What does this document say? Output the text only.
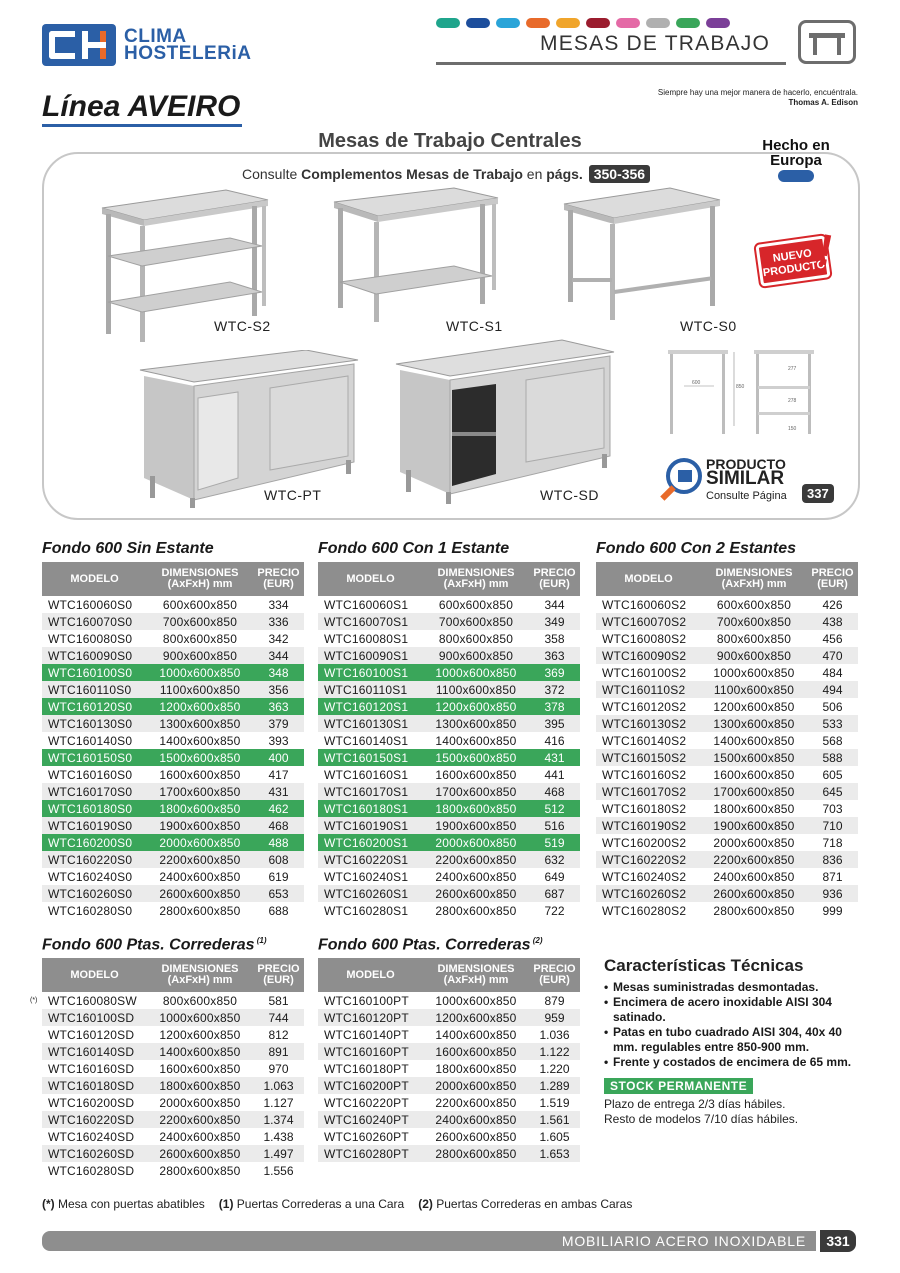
CLIMA
HOSTELERiA	MESAS DE TRABAJO
Línea AVEIRO	Siempre hay una mejor manera de hacerlo, encuéntrala.
Thomas A. Edison
Mesas de Trabajo Centrales
Consulte Complementos Mesas de Trabajo en págs. 350-356
Hecho en Europa
NUEVO PRODUCTO
!
WTC-S2	WTC-S1	WTC-S0
WTC-PT	WTC-SD
600
850
277
278
150
PRODUCTO
SIMILAR
Consulte Página	337
Fondo 600 Sin Estante
MODELO	DIMENSIONES
(AxFxH) mm
PRECIO
(EUR)
WTC160060S0	600x600x850	334
WTC160070S0	700x600x850	336
WTC160080S0	800x600x850	342
WTC160090S0	900x600x850	344
WTC160100S0	1000x600x850	348
WTC160110S0	1100x600x850	356
WTC160120S0	1200x600x850	363
WTC160130S0	1300x600x850	379
WTC160140S0	1400x600x850	393
WTC160150S0	1500x600x850	400
WTC160160S0	1600x600x850	417
WTC160170S0	1700x600x850	431
WTC160180S0	1800x600x850	462
WTC160190S0	1900x600x850	468
WTC160200S0	2000x600x850	488
WTC160220S0	2200x600x850	608
WTC160240S0	2400x600x850	619
WTC160260S0	2600x600x850	653
WTC160280S0	2800x600x850	688
Fondo 600 Con 1 Estante
MODELO	DIMENSIONES
(AxFxH) mm
PRECIO
(EUR)
WTC160060S1	600x600x850	344
WTC160070S1	700x600x850	349
WTC160080S1	800x600x850	358
WTC160090S1	900x600x850	363
WTC160100S1	1000x600x850	369
WTC160110S1	1100x600x850	372
WTC160120S1	1200x600x850	378
WTC160130S1	1300x600x850	395
WTC160140S1	1400x600x850	416
WTC160150S1	1500x600x850	431
WTC160160S1	1600x600x850	441
WTC160170S1	1700x600x850	468
WTC160180S1	1800x600x850	512
WTC160190S1	1900x600x850	516
WTC160200S1	2000x600x850	519
WTC160220S1	2200x600x850	632
WTC160240S1	2400x600x850	649
WTC160260S1	2600x600x850	687
WTC160280S1	2800x600x850	722
Fondo 600 Con 2 Estantes
MODELO	DIMENSIONES
(AxFxH) mm
PRECIO
(EUR)
WTC160060S2	600x600x850	426
WTC160070S2	700x600x850	438
WTC160080S2	800x600x850	456
WTC160090S2	900x600x850	470
WTC160100S2	1000x600x850	484
WTC160110S2	1100x600x850	494
WTC160120S2	1200x600x850	506
WTC160130S2	1300x600x850	533
WTC160140S2	1400x600x850	568
WTC160150S2	1500x600x850	588
WTC160160S2	1600x600x850	605
WTC160170S2	1700x600x850	645
WTC160180S2	1800x600x850	703
WTC160190S2	1900x600x850	710
WTC160200S2	2000x600x850	718
WTC160220S2	2200x600x850	836
WTC160240S2	2400x600x850	871
WTC160260S2	2600x600x850	936
WTC160280S2	2800x600x850	999
Fondo 600 Ptas. Correderas $^{(1)}$
MODELO	DIMENSIONES
(AxFxH) mm
PRECIO
(EUR)
(*) WTC160080SW	800x600x850	581
WTC160100SD	1000x600x850	744
WTC160120SD	1200x600x850	812
WTC160140SD	1400x600x850	891
WTC160160SD	1600x600x850	970
WTC160180SD	1800x600x850	1.063
WTC160200SD	2000x600x850	1.127
WTC160220SD	2200x600x850	1.374
WTC160240SD	2400x600x850	1.438
WTC160260SD	2600x600x850	1.497
WTC160280SD	2800x600x850	1.556
Fondo 600 Ptas. Correderas $^{(2)}$
MODELO	DIMENSIONES
(AxFxH) mm
PRECIO
(EUR)
WTC160100PT	1000x600x850	879
WTC160120PT	1200x600x850	959
WTC160140PT	1400x600x850	1.036
WTC160160PT	1600x600x850	1.122
WTC160180PT	1800x600x850	1.220
WTC160200PT	2000x600x850	1.289
WTC160220PT	2200x600x850	1.519
WTC160240PT	2400x600x850	1.561
WTC160260PT	2600x600x850	1.605
WTC160280PT	2800x600x850	1.653
Características Técnicas
• Mesas suministradas desmontadas.
• Encimera de acero inoxidable AISI 304 satinado.
• Patas en tubo cuadrado AISI 304, 40x 40 mm. regulables entre 850-900 mm.
• Frente y costados de encimera de 65 mm.
STOCK PERMANENTE
Plazo de entrega 2/3 días hábiles.
Resto de modelos 7/10 días hábiles.
(*) Mesa con puertas abatibles (1) Puertas Correderas a una Cara (2) Puertas Correderas en ambas Caras
MOBILIARIO ACERO INOXIDABLE	331
